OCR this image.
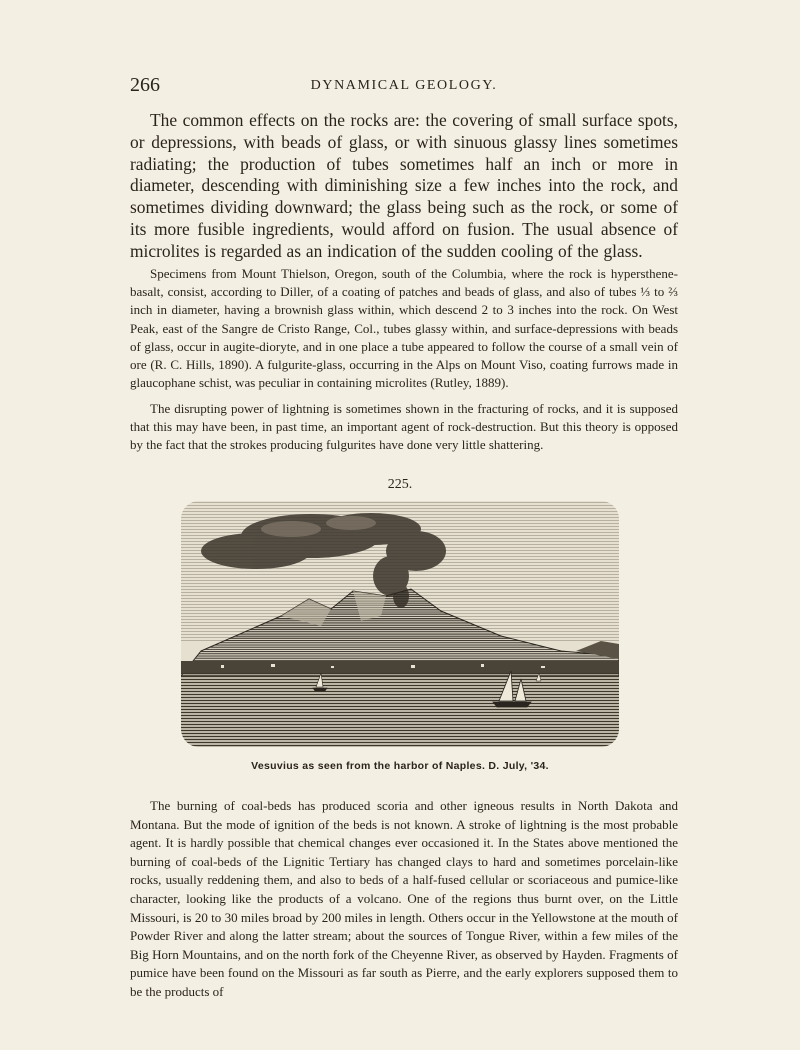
266	DYNAMICAL GEOLOGY.

The common effects on the rocks are: the covering of small surface spots, or depressions, with beads of glass, or with sinuous glassy lines sometimes radiating; the production of tubes sometimes half an inch or more in diameter, descending with diminishing size a few inches into the rock, and sometimes dividing downward; the glass being such as the rock, or some of its more fusible ingredients, would afford on fusion. The usual absence of microlites is regarded as an indication of the sudden cooling of the glass.

Specimens from Mount Thielson, Oregon, south of the Columbia, where the rock is hypersthene-basalt, consist, according to Diller, of a coating of patches and beads of glass, and also of tubes ⅓ to ⅔ inch in diameter, having a brownish glass within, which descend 2 to 3 inches into the rock. On West Peak, east of the Sangre de Cristo Range, Col., tubes glassy within, and surface-depressions with beads of glass, occur in augite-dioryte, and in one place a tube appeared to follow the course of a small vein of ore (R. C. Hills, 1890). A fulgurite-glass, occurring in the Alps on Mount Viso, coating furrows made in glaucophane schist, was peculiar in containing microlites (Rutley, 1889).

The disrupting power of lightning is sometimes shown in the fracturing of rocks, and it is supposed that this may have been, in past time, an important agent of rock-destruction. But this theory is opposed by the fact that the strokes producing fulgurites have done very little shattering.

225.
Vesuvius as seen from the harbor of Naples. D. July, '34.

The burning of coal-beds has produced scoria and other igneous results in North Dakota and Montana. But the mode of ignition of the beds is not known. A stroke of lightning is the most probable agent. It is hardly possible that chemical changes ever occasioned it. In the States above mentioned the burning of coal-beds of the Lignitic Tertiary has changed clays to hard and sometimes porcelain-like rocks, usually reddening them, and also to beds of a half-fused cellular or scoriaceous and pumice-like character, looking like the products of a volcano. One of the regions thus burnt over, on the Little Missouri, is 20 to 30 miles broad by 200 miles in length. Others occur in the Yellowstone at the mouth of Powder River and along the latter stream; about the sources of Tongue River, within a few miles of the Big Horn Mountains, and on the north fork of the Cheyenne River, as observed by Hayden. Fragments of pumice have been found on the Missouri as far south as Pierre, and the early explorers supposed them to be the products of
